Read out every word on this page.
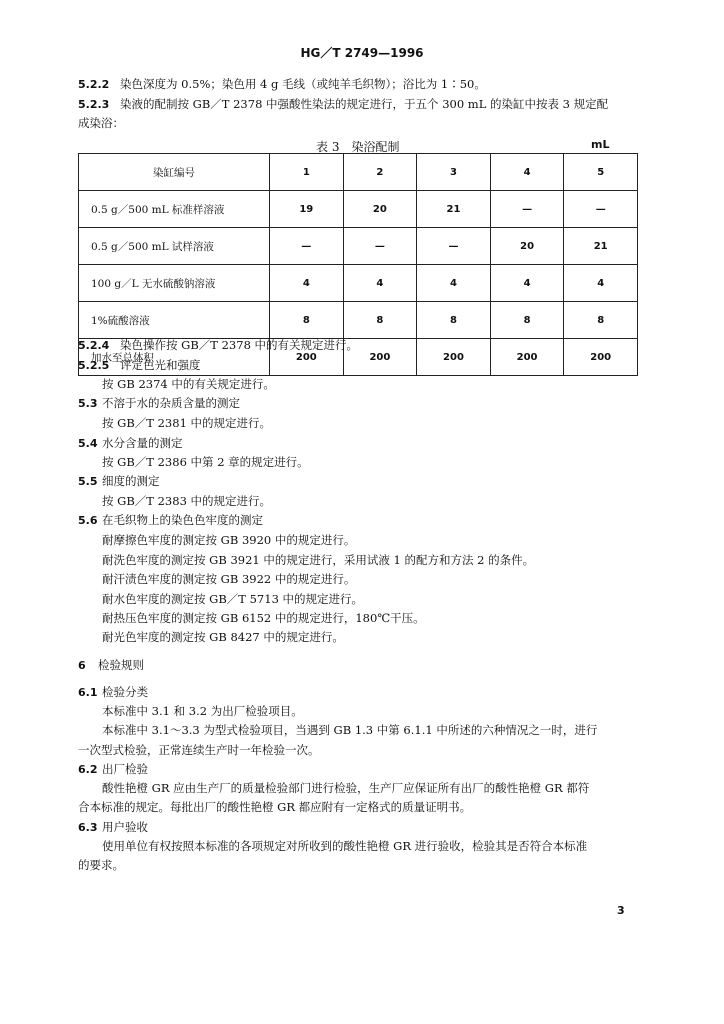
HG／T 2749—1996
5.2.2 染色深度为 0.5%；染色用 4 g 毛线（或纯羊毛织物）；浴比为 1∶50。
5.2.3 染液的配制按 GB／T 2378 中强酸性染法的规定进行，于五个 300 mL 的染缸中按表 3 规定配
成染浴：
表 3　染浴配制	mL
染缸编号	1	2	3	4	5
0.5 g／500 mL 标准样溶液	19	20	21	—	—
0.5 g／500 mL 试样溶液	—	—	—	20	21
100 g／L 无水硫酸钠溶液	4	4	4	4	4
1%硫酸溶液	8	8	8	8	8
加水至总体积	200	200	200	200	200
5.2.4 染色操作按 GB／T 2378 中的有关规定进行。
5.2.5 评定色光和强度
按 GB 2374 中的有关规定进行。
5.3 不溶于水的杂质含量的测定
按 GB／T 2381 中的规定进行。
5.4 水分含量的测定
按 GB／T 2386 中第 2 章的规定进行。
5.5 细度的测定
按 GB／T 2383 中的规定进行。
5.6 在毛织物上的染色色牢度的测定
耐摩擦色牢度的测定按 GB 3920 中的规定进行。
耐洗色牢度的测定按 GB 3921 中的规定进行，采用试液 1 的配方和方法 2 的条件。
耐汗渍色牢度的测定按 GB 3922 中的规定进行。
耐水色牢度的测定按 GB／T 5713 中的规定进行。
耐热压色牢度的测定按 GB 6152 中的规定进行，180℃干压。
耐光色牢度的测定按 GB 8427 中的规定进行。
6 检验规则
6.1 检验分类
本标准中 3.1 和 3.2 为出厂检验项目。
本标准中 3.1～3.3 为型式检验项目，当遇到 GB 1.3 中第 6.1.1 中所述的六种情况之一时，进行
一次型式检验，正常连续生产时一年检验一次。
6.2 出厂检验
酸性艳橙 GR 应由生产厂的质量检验部门进行检验，生产厂应保证所有出厂的酸性艳橙 GR 都符
合本标准的规定。每批出厂的酸性艳橙 GR 都应附有一定格式的质量证明书。
6.3 用户验收
使用单位有权按照本标准的各项规定对所收到的酸性艳橙 GR 进行验收，检验其是否符合本标准
的要求。
3
